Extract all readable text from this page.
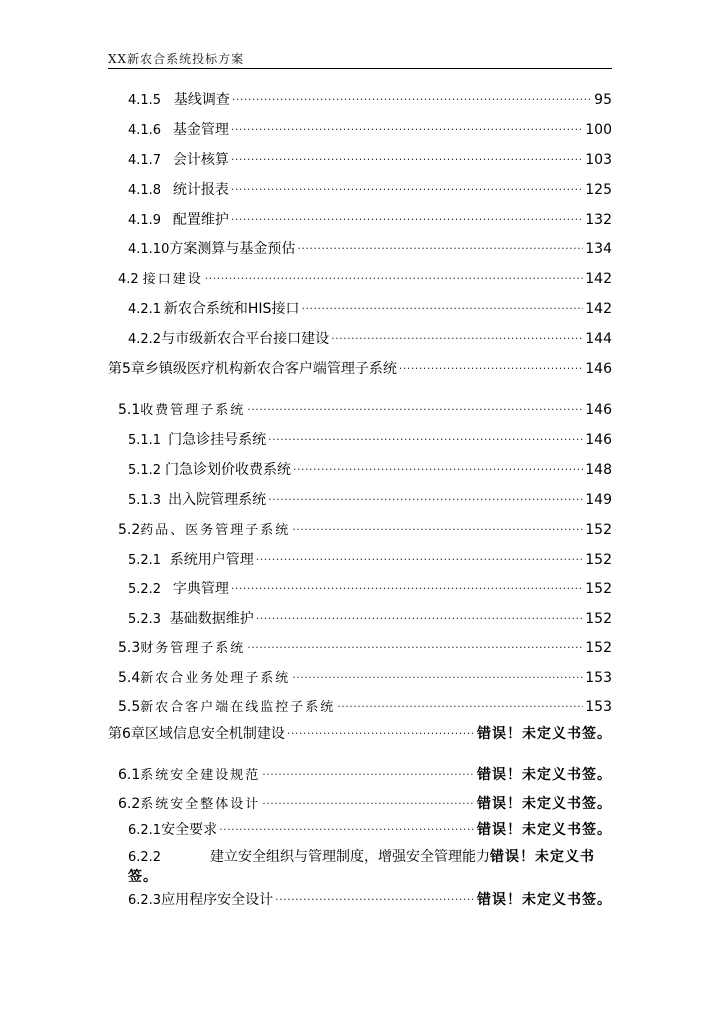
XX新农合系统投标方案
4.1.5 基线调查 ·····	95
4.1.6 基金管理 ·····	100
4.1.7 会计核算 ·····	103
4.1.8 统计报表 ·····	125
4.1.9 配置维护 ·····	132
4.1.10 方案测算与基金预估 ·····	134
4.2 接口建设 ·····	142
4.2.1 新农合系统和HIS接口 ·····	142
4.2.2 与市级新农合平台接口建设 ·····	144
第5章 乡镇级医疗机构新农合客户端管理子系统 ·····	146
5.1 收费管理子系统 ·····	146
5.1.1 门急诊挂号系统 ·····	146
5.1.2 门急诊划价收费系统 ·····	148
5.1.3 出入院管理系统 ·····	149
5.2 药品、医务管理子系统 ·····	152
5.2.1 系统用户管理 ·····	152
5.2.2 字典管理 ·····	152
5.2.3 基础数据维护 ·····	152
5.3 财务管理子系统 ·····	152
5.4 新农合业务处理子系统 ·····	153
5.5 新农合客户端在线监控子系统 ·····	153
第6章 区域信息安全机制建设 ·····	错误！未定义书签。
6.1 系统安全建设规范 ·····	错误！未定义书签。
6.2 系统安全整体设计 ·····	错误！未定义书签。
6.2.1 安全要求 ·····	错误！未定义书签。
6.2.2	建立安全组织与管理制度，增强安全管理能力 错误！未定义书
签。
6.2.3 应用程序安全设计 ·····	错误！未定义书签。
